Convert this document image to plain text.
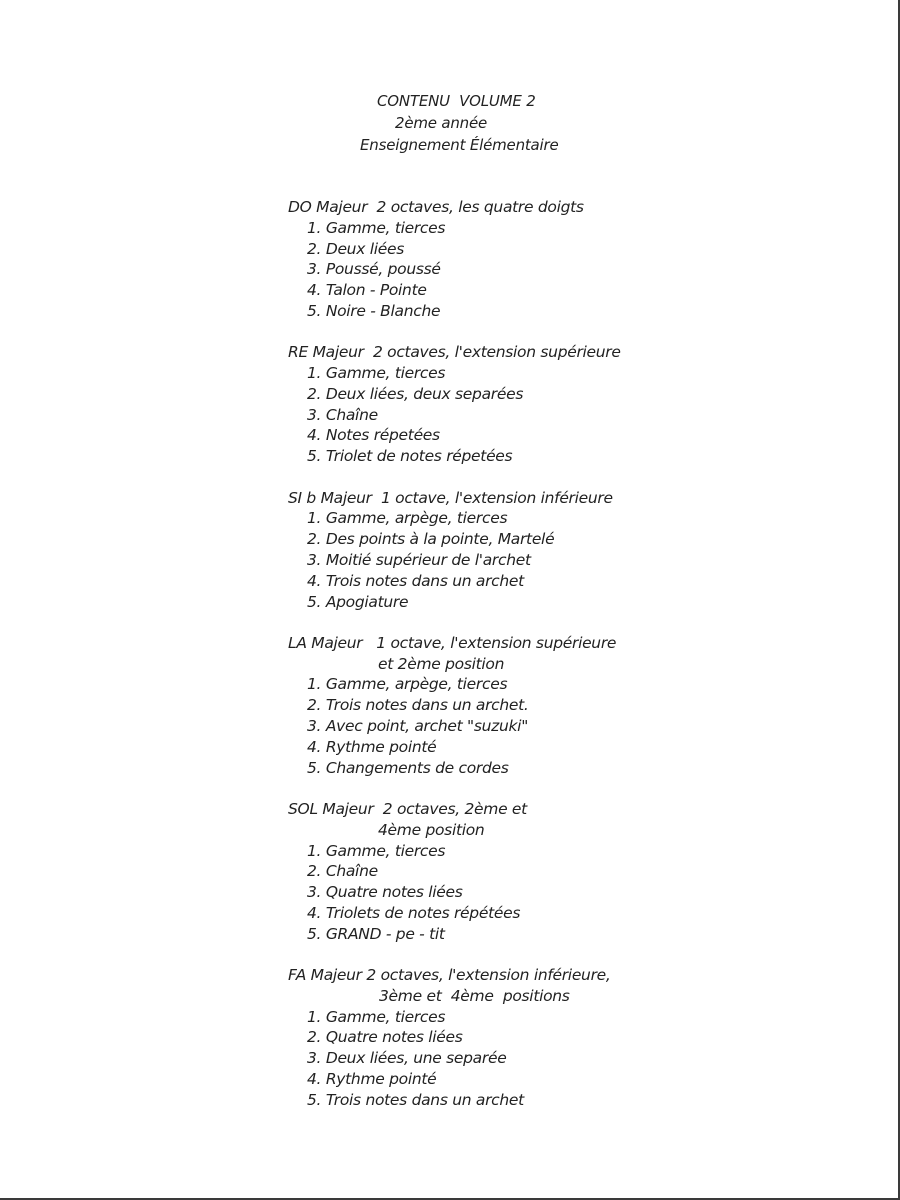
CONTENU  VOLUME 2
2ème année
Enseignement Élémentaire
DO Majeur  2 octaves, les quatre doigts
1. Gamme, tierces
2. Deux liées
3. Poussé, poussé
4. Talon - Pointe
5. Noire - Blanche
RE Majeur  2 octaves, l'extension supérieure
1. Gamme, tierces
2. Deux liées, deux separées
3. Chaîne
4. Notes répetées
5. Triolet de notes répetées
SI b Majeur  1 octave, l'extension inférieure
1. Gamme, arpège, tierces
2. Des points à la pointe, Martelé
3. Moitié supérieur de l'archet
4. Trois notes dans un archet
5. Apogiature
LA Majeur   1 octave, l'extension supérieure
et 2ème position
1. Gamme, arpège, tierces
2. Trois notes dans un archet.
3. Avec point, archet "suzuki"
4. Rythme pointé
5. Changements de cordes
SOL Majeur  2 octaves, 2ème et
4ème position
1. Gamme, tierces
2. Chaîne
3. Quatre notes liées
4. Triolets de notes répétées
5. GRAND - pe - tit
FA Majeur 2 octaves, l'extension inférieure,
3ème et  4ème  positions
1. Gamme, tierces
2. Quatre notes liées
3. Deux liées, une separée
4. Rythme pointé
5. Trois notes dans un archet
